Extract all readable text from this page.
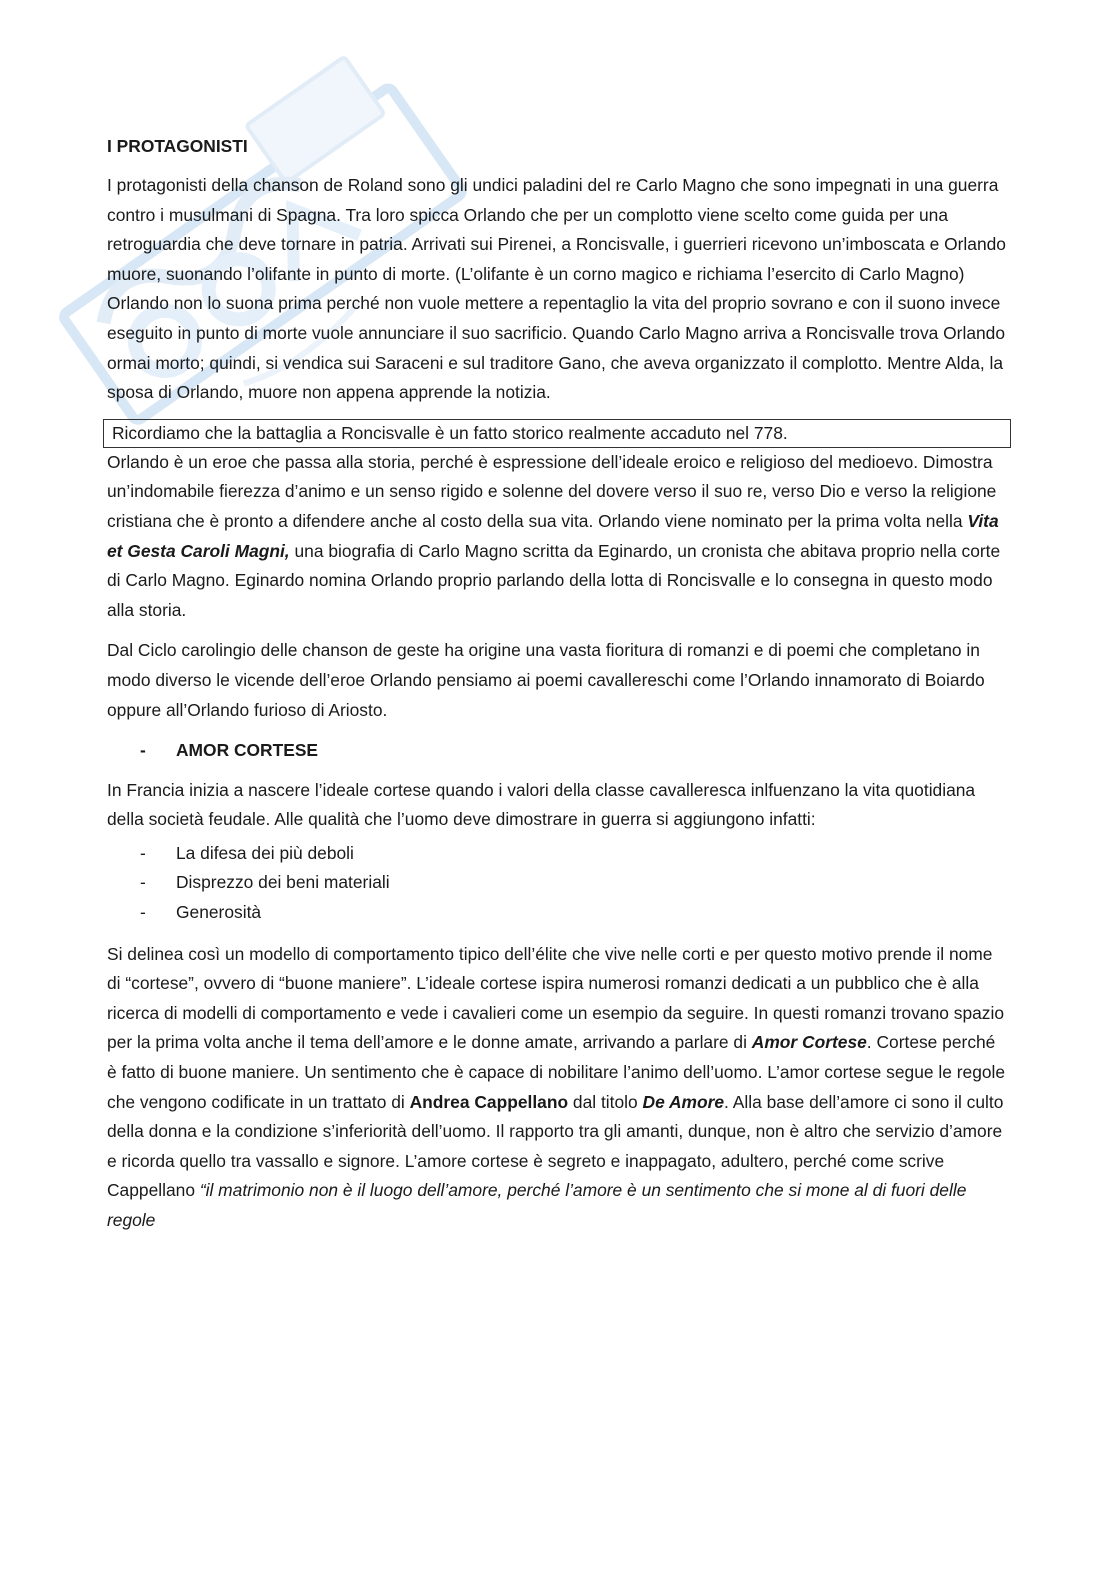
I PROTAGONISTI

I protagonisti della chanson de Roland sono gli undici paladini del re Carlo Magno che sono impegnati in una guerra contro i musulmani di Spagna. Tra loro spicca Orlando che per un complotto viene scelto come guida per una retroguardia che deve tornare in patria. Arrivati sui Pirenei, a Roncisvalle, i guerrieri ricevono un’imboscata e Orlando muore, suonando l’olifante in punto di morte. (L’olifante è un corno magico e richiama l’esercito di Carlo Magno) Orlando non lo suona prima perché non vuole mettere a repentaglio la vita del proprio sovrano e con il suono invece eseguito in punto di morte vuole annunciare il suo sacrificio. Quando Carlo Magno arriva a Roncisvalle trova Orlando ormai morto; quindi, si vendica sui Saraceni e sul traditore Gano, che aveva organizzato il complotto. Mentre Alda, la sposa di Orlando, muore non appena apprende la notizia.

Ricordiamo che la battaglia a Roncisvalle è un fatto storico realmente accaduto nel 778.

Orlando è un eroe che passa alla storia, perché è espressione dell’ideale eroico e religioso del medioevo. Dimostra un’indomabile fierezza d’animo e un senso rigido e solenne del dovere verso il suo re, verso Dio e verso la religione cristiana che è pronto a difendere anche al costo della sua vita. Orlando viene nominato per la prima volta nella Vita et Gesta Caroli Magni, una biografia di Carlo Magno scritta da Eginardo, un cronista che abitava proprio nella corte di Carlo Magno. Eginardo nomina Orlando proprio parlando della lotta di Roncisvalle e lo consegna in questo modo alla storia.

Dal Ciclo carolingio delle chanson de geste ha origine una vasta fioritura di romanzi e di poemi che completano in modo diverso le vicende dell’eroe Orlando pensiamo ai poemi cavallereschi come l’Orlando innamorato di Boiardo oppure all’Orlando furioso di Ariosto.

-	AMOR CORTESE

In Francia inizia a nascere l’ideale cortese quando i valori della classe cavalleresca inlfuenzano la vita quotidiana della società feudale. Alle qualità che l’uomo deve dimostrare in guerra si aggiungono infatti:

-	La difesa dei più deboli
-	Disprezzo dei beni materiali
-	Generosità

Si delinea così un modello di comportamento tipico dell’élite che vive nelle corti e per questo motivo prende il nome di “cortese”, ovvero di “buone maniere”. L’ideale cortese ispira numerosi romanzi dedicati a un pubblico che è alla ricerca di modelli di comportamento e vede i cavalieri come un esempio da seguire. In questi romanzi trovano spazio per la prima volta anche il tema dell’amore e le donne amate, arrivando a parlare di Amor Cortese. Cortese perché è fatto di buone maniere. Un sentimento che è capace di nobilitare l’animo dell’uomo. L’amor cortese segue le regole che vengono codificate in un trattato di Andrea Cappellano dal titolo De Amore. Alla base dell’amore ci sono il culto della donna e la condizione s’inferiorità dell’uomo. Il rapporto tra gli amanti, dunque, non è altro che servizio d’amore e ricorda quello tra vassallo e signore. L’amore cortese è segreto e inappagato, adultero, perché come scrive Cappellano “il matrimonio non è il luogo dell’amore, perché l’amore è un sentimento che si mone al di fuori delle regole
